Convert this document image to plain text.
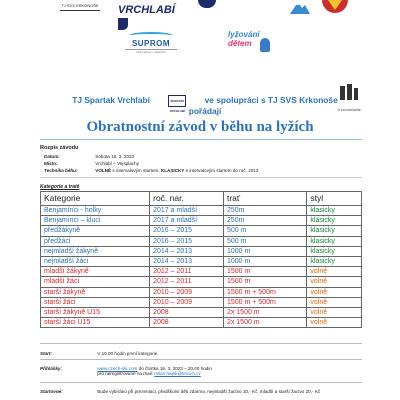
TJ SVS KRKONOŠE VRCHLABÍ
SUPROM
Váš partner v plastech
lyžování
dětem
TJ Spartak Vrchlabí	SPARTAK VRCHLABÍ ve spolupráci s TJ SVS Krkonoše
pořádají	TJ SVS KRKONOŠE
Obratnostní závod v běhu na lyžích
Rozpis závodu
Datum:	Sobota 18. 3. 2023
Místo:	Vrchlabí – Vejsplachy
Technika běhu:	VOLNĚ s intervalovým startem, KLASICKY s intervalovým startem do roč. 2013
Kategorie a tratě
Kategorie	roč. nar.	trať	styl
Benjamínci - holky	2017 a mladší	250m	klasicky
Benjamínci – kluci	2017 a mladší	250m	klasicky
předžákyně	2016 – 2015	500 m	klasicky
předžáci	2016 – 2015	500 m	klasicky
nejmladší žákyně	2014 – 2013	1000 m	klasicky
nejmladší žáci	2014 – 2013	1000 m	klasicky
mladší žákyně	2012 – 2011	1500 m	volně
mladší žáci	2012 – 2011	1500 m	volně
starší žákyně	2010 – 2009	1500 m + 500m	volně
starší žáci	2010 – 2009	1500 m + 500m	volně
starší žákyně U15	2008	2x 1500 m	volně
starší žáci U15	2008	2x 1500 m	volně
Start:	V 10.00 hodin první kategorie.
Přihlášky:	www.czech-ski.com do čtvrtka 16. 3. 2023 – 20.00 hodin
pro neregistrované na mail: milan.hajek@tima-h.cz
Startovné:	Bude vybíráno při prezentaci, předškolní děti zdarma, nejmladší žactvo 10,- Kč, mladší a starší žactvo 20,- Kč
